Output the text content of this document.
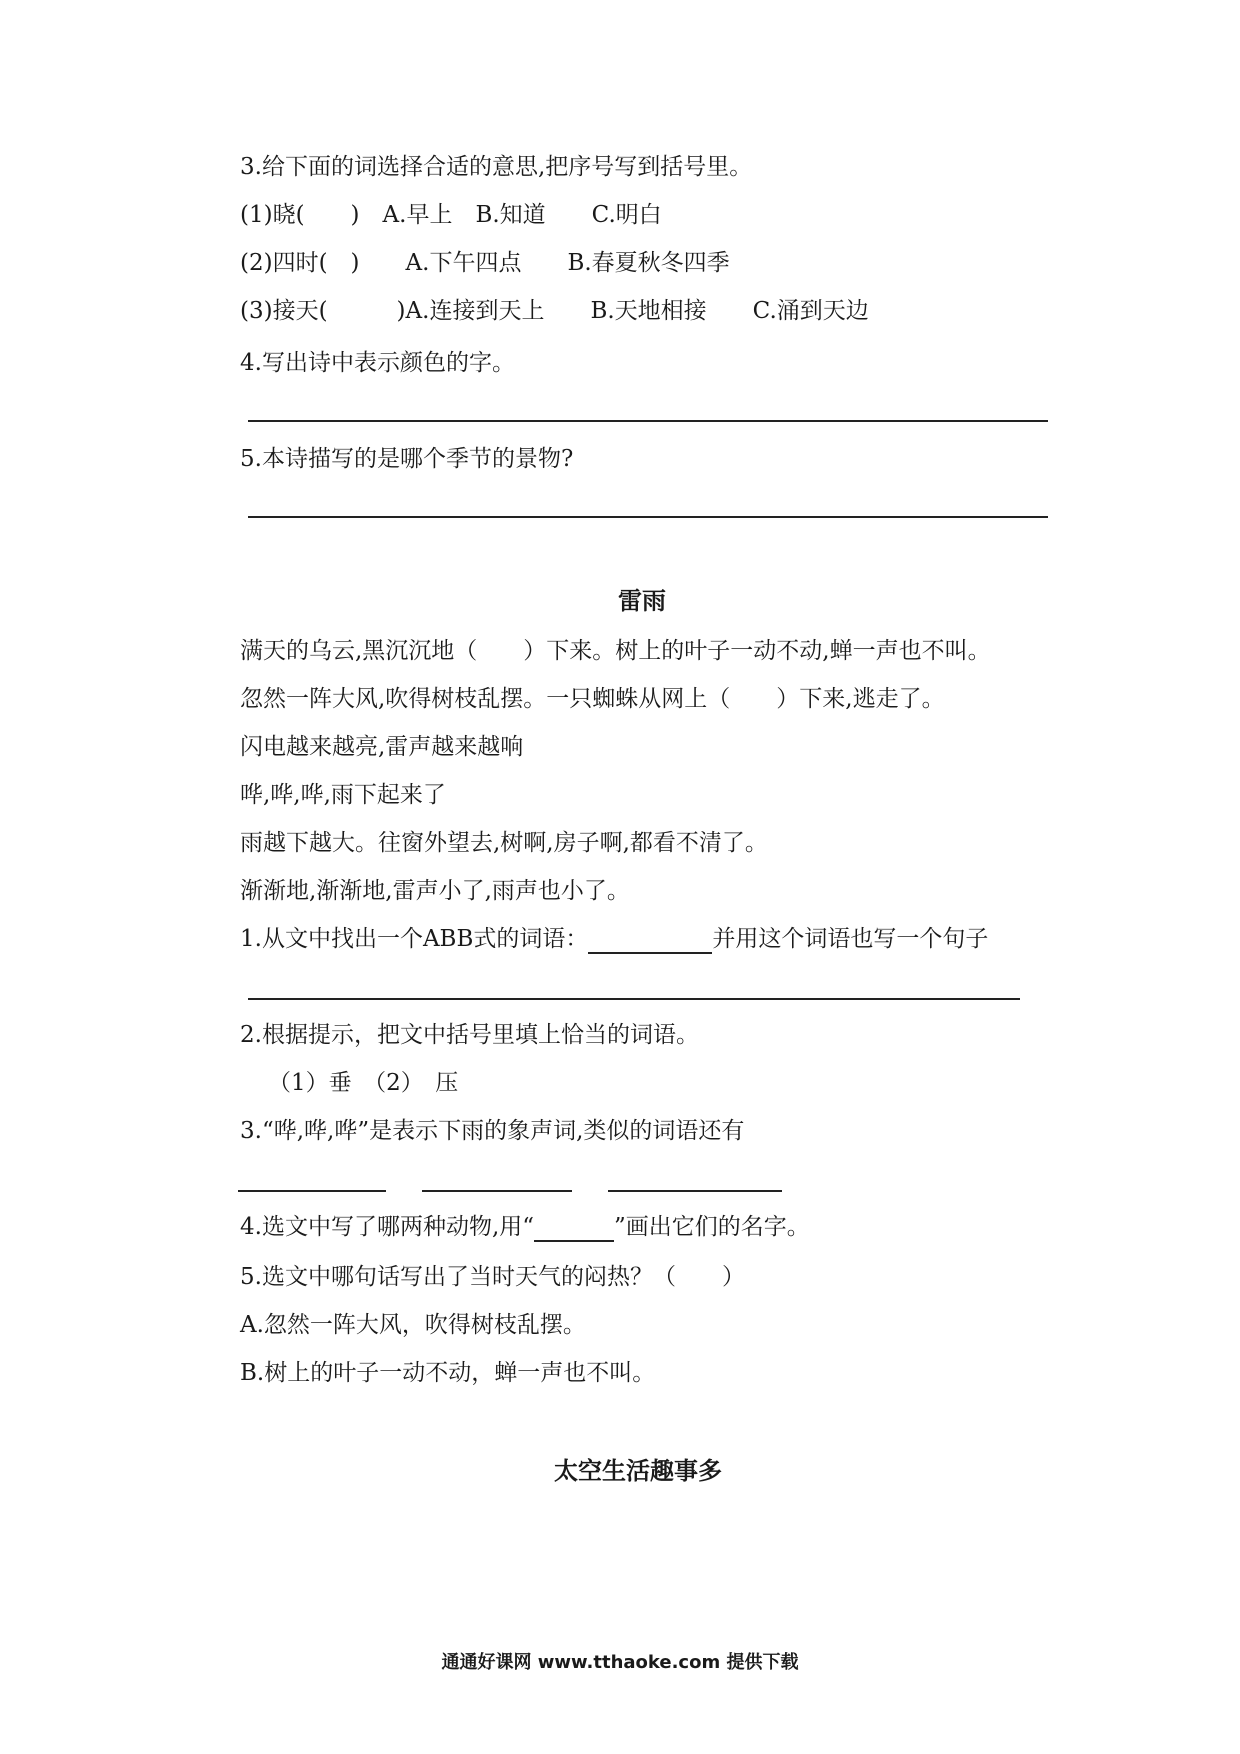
3.给下面的词选择合适的意思,把序号写到括号里。
(1)晓(　　)　A.早上　B.知道　　C.明白
(2)四时(　)　　A.下午四点　　B.春夏秋冬四季
(3)接天(　　　)A.连接到天上　　B.天地相接　　C.涌到天边
4.写出诗中表示颜色的字。
5.本诗描写的是哪个季节的景物?
雷雨
满天的乌云,黑沉沉地（　　）下来。树上的叶子一动不动,蝉一声也不叫。
忽然一阵大风,吹得树枝乱摆。一只蜘蛛从网上（　　）下来,逃走了。
闪电越来越亮,雷声越来越响
哗,哗,哗,雨下起来了
雨越下越大。往窗外望去,树啊,房子啊,都看不清了。
渐渐地,渐渐地,雷声小了,雨声也小了。
1.从文中找出一个ABB式的词语：	并用这个词语也写一个句子
2.根据提示，把文中括号里填上恰当的词语。
（1）垂　（2）　压
3.“哗,哗,哗”是表示下雨的象声词,类似的词语还有
4.选文中写了哪两种动物,用“	”画出它们的名字。
5.选文中哪句话写出了当时天气的闷热？（　　）
A.忽然一阵大风，吹得树枝乱摆。
B.树上的叶子一动不动，蝉一声也不叫。
太空生活趣事多
通通好课网 www.tthaoke.com 提供下载
